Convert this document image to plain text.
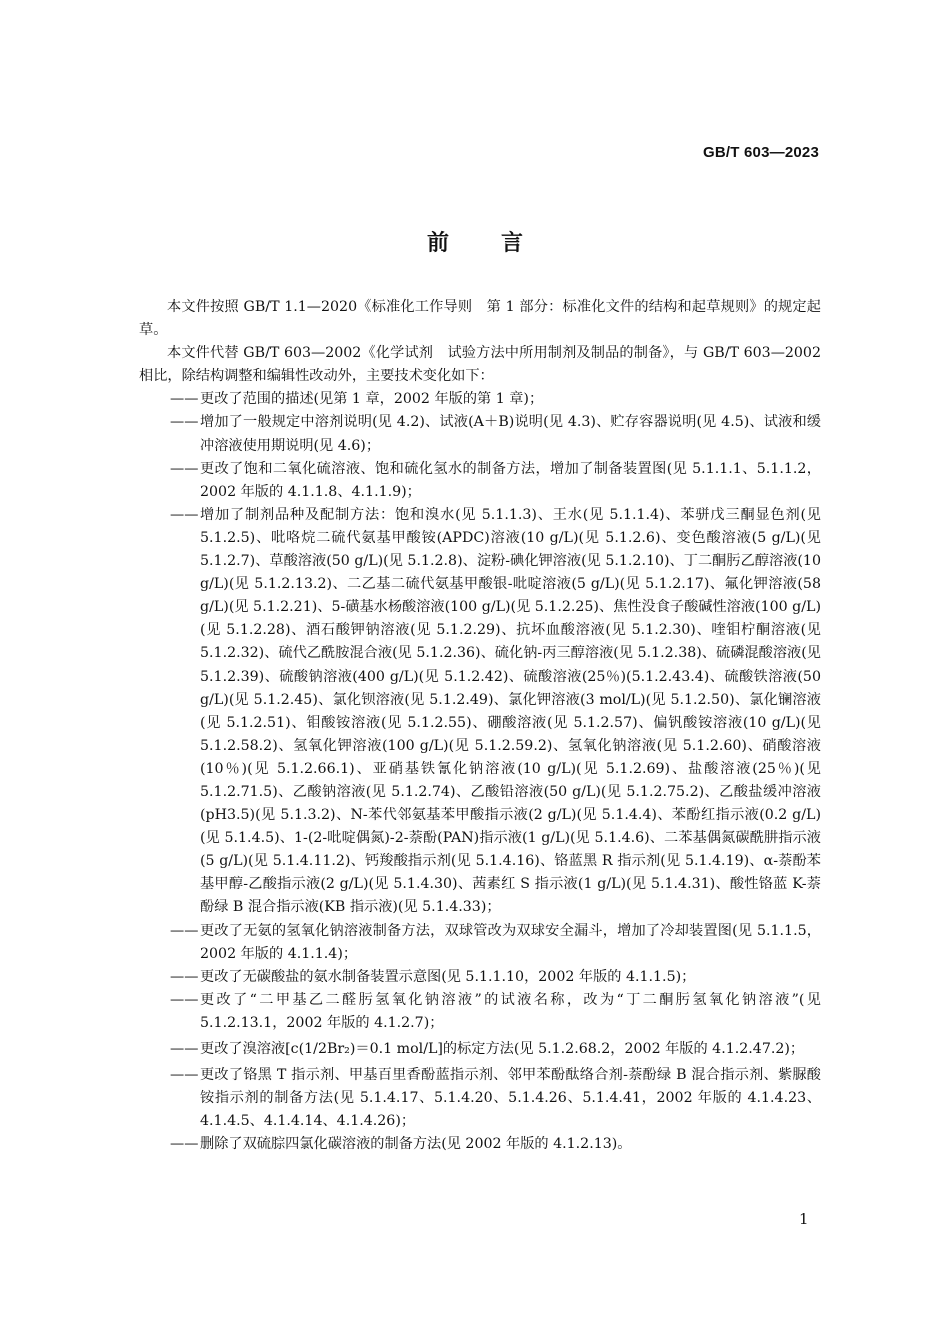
GB/T 603—2023
前言

本文件按照 GB/T 1.1—2020《标准化工作导则　第 1 部分：标准化文件的结构和起草规则》的规定起草。

本文件代替 GB/T 603—2002《化学试剂　试验方法中所用制剂及制品的制备》，与 GB/T 603—2002 相比，除结构调整和编辑性改动外，主要技术变化如下：

—— 更改了范围的描述(见第 1 章，2002 年版的第 1 章)；

—— 增加了一般规定中溶剂说明(见 4.2)、试液(A＋B)说明(见 4.3)、贮存容器说明(见 4.5)、试液和缓冲溶液使用期说明(见 4.6)；

—— 更改了饱和二氧化硫溶液、饱和硫化氢水的制备方法，增加了制备装置图(见 5.1.1.1、5.1.1.2，2002 年版的 4.1.1.8、4.1.1.9)；

—— 增加了制剂品种及配制方法：饱和溴水(见 5.1.1.3)、王水(见 5.1.1.4)、苯骈戊三酮显色剂(见 5.1.2.5)、吡咯烷二硫代氨基甲酸铵(APDC)溶液(10 g/L)(见 5.1.2.6)、变色酸溶液(5 g/L)(见 5.1.2.7)、草酸溶液(50 g/L)(见 5.1.2.8)、淀粉-碘化钾溶液(见 5.1.2.10)、丁二酮肟乙醇溶液(10 g/L)(见 5.1.2.13.2)、二乙基二硫代氨基甲酸银-吡啶溶液(5 g/L)(见 5.1.2.17)、氟化钾溶液(58 g/L)(见 5.1.2.21)、5-磺基水杨酸溶液(100 g/L)(见 5.1.2.25)、焦性没食子酸碱性溶液(100 g/L)(见 5.1.2.28)、酒石酸钾钠溶液(见 5.1.2.29)、抗坏血酸溶液(见 5.1.2.30)、喹钼柠酮溶液(见 5.1.2.32)、硫代乙酰胺混合液(见 5.1.2.36)、硫化钠-丙三醇溶液(见 5.1.2.38)、硫磷混酸溶液(见 5.1.2.39)、硫酸钠溶液(400 g/L)(见 5.1.2.42)、硫酸溶液(25％)(5.1.2.43.4)、硫酸铁溶液(50 g/L)(见 5.1.2.45)、氯化钡溶液(见 5.1.2.49)、氯化钾溶液(3 mol/L)(见 5.1.2.50)、氯化镧溶液(见 5.1.2.51)、钼酸铵溶液(见 5.1.2.55)、硼酸溶液(见 5.1.2.57)、偏钒酸铵溶液(10 g/L)(见 5.1.2.58.2)、氢氧化钾溶液(100 g/L)(见 5.1.2.59.2)、氢氧化钠溶液(见 5.1.2.60)、硝酸溶液(10％)(见 5.1.2.66.1)、亚硝基铁氰化钠溶液(10 g/L)(见 5.1.2.69)、盐酸溶液(25％)(见 5.1.2.71.5)、乙酸钠溶液(见 5.1.2.74)、乙酸铅溶液(50 g/L)(见 5.1.2.75.2)、乙酸盐缓冲溶液(pH3.5)(见 5.1.3.2)、N-苯代邻氨基苯甲酸指示液(2 g/L)(见 5.1.4.4)、苯酚红指示液(0.2 g/L)(见 5.1.4.5)、1-(2-吡啶偶氮)-2-萘酚(PAN)指示液(1 g/L)(见 5.1.4.6)、二苯基偶氮碳酰肼指示液(5 g/L)(见 5.1.4.11.2)、钙羧酸指示剂(见 5.1.4.16)、铬蓝黑 R 指示剂(见 5.1.4.19)、α-萘酚苯基甲醇-乙酸指示液(2 g/L)(见 5.1.4.30)、茜素红 S 指示液(1 g/L)(见 5.1.4.31)、酸性铬蓝 K-萘酚绿 B 混合指示液(KB 指示液)(见 5.1.4.33)；

—— 更改了无氨的氢氧化钠溶液制备方法，双球管改为双球安全漏斗，增加了冷却装置图(见 5.1.1.5，2002 年版的 4.1.1.4)；

—— 更改了无碳酸盐的氨水制备装置示意图(见 5.1.1.10，2002 年版的 4.1.1.5)；

—— 更改了“二甲基乙二醛肟氢氧化钠溶液”的试液名称，改为“丁二酮肟氢氧化钠溶液”(见 5.1.2.13.1，2002 年版的 4.1.2.7)；

—— 更改了溴溶液[c(1/2Br₂)＝0.1 mol/L]的标定方法(见 5.1.2.68.2，2002 年版的 4.1.2.47.2)；

—— 更改了铬黑 T 指示剂、甲基百里香酚蓝指示剂、邻甲苯酚酞络合剂-萘酚绿 B 混合指示剂、紫脲酸铵指示剂的制备方法(见 5.1.4.17、5.1.4.20、5.1.4.26、5.1.4.41，2002 年版的 4.1.4.23、4.1.4.5、4.1.4.14、4.1.4.26)；

—— 删除了双硫腙四氯化碳溶液的制备方法(见 2002 年版的 4.1.2.13)。

1
